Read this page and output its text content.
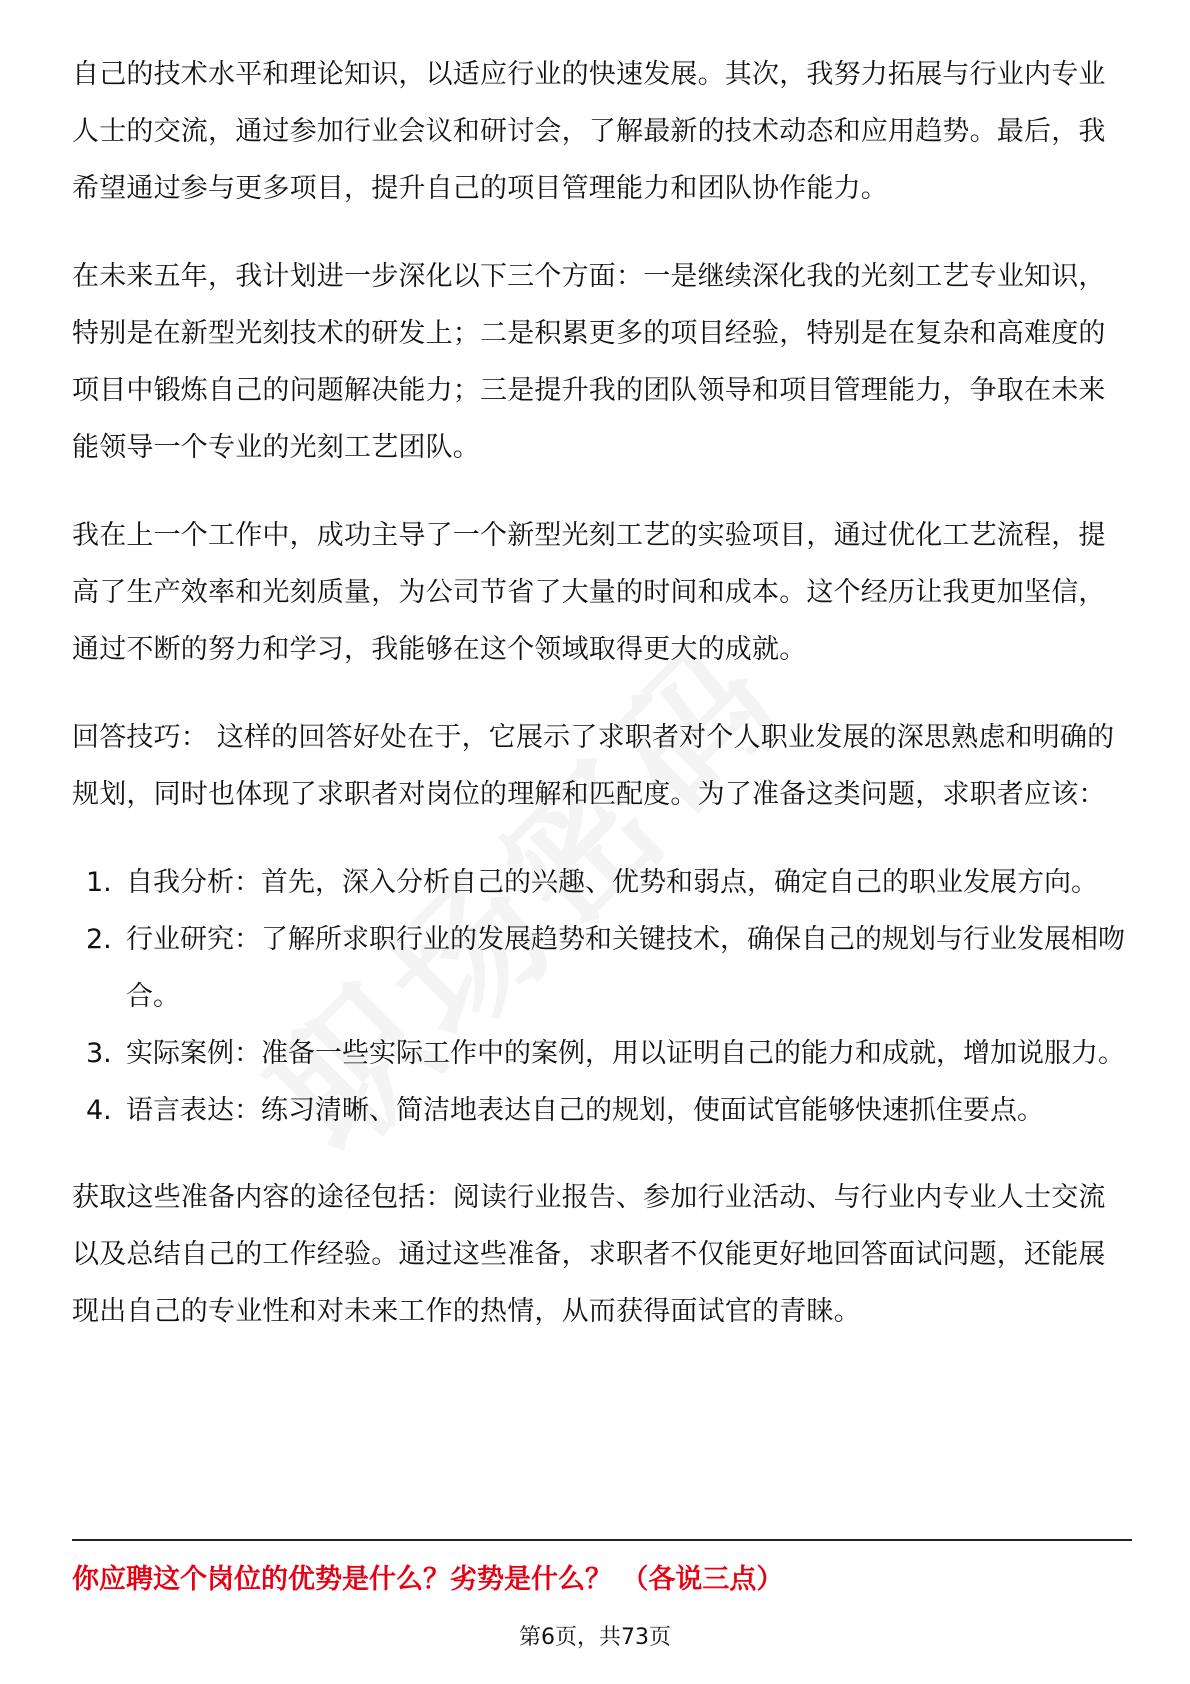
自己的技术水平和理论知识，以适应行业的快速发展。其次，我努力拓展与行业内专业人士的交流，通过参加行业会议和研讨会，了解最新的技术动态和应用趋势。最后，我希望通过参与更多项目，提升自己的项目管理能力和团队协作能力。

在未来五年，我计划进一步深化以下三个方面：一是继续深化我的光刻工艺专业知识，特别是在新型光刻技术的研发上；二是积累更多的项目经验，特别是在复杂和高难度的项目中锻炼自己的问题解决能力；三是提升我的团队领导和项目管理能力，争取在未来能领导一个专业的光刻工艺团队。

我在上一个工作中，成功主导了一个新型光刻工艺的实验项目，通过优化工艺流程，提高了生产效率和光刻质量，为公司节省了大量的时间和成本。这个经历让我更加坚信，通过不断的努力和学习，我能够在这个领域取得更大的成就。

回答技巧： 这样的回答好处在于，它展示了求职者对个人职业发展的深思熟虑和明确的规划，同时也体现了求职者对岗位的理解和匹配度。为了准备这类问题，求职者应该：

1. 自我分析：首先，深入分析自己的兴趣、优势和弱点，确定自己的职业发展方向。
2. 行业研究：了解所求职行业的发展趋势和关键技术，确保自己的规划与行业发展相吻合。
3. 实际案例：准备一些实际工作中的案例，用以证明自己的能力和成就，增加说服力。
4. 语言表达：练习清晰、简洁地表达自己的规划，使面试官能够快速抓住要点。

获取这些准备内容的途径包括：阅读行业报告、参加行业活动、与行业内专业人士交流以及总结自己的工作经验。通过这些准备，求职者不仅能更好地回答面试问题，还能展现出自己的专业性和对未来工作的热情，从而获得面试官的青睐。

你应聘这个岗位的优势是什么？劣势是什么？ （各说三点）
第6页，共73页
